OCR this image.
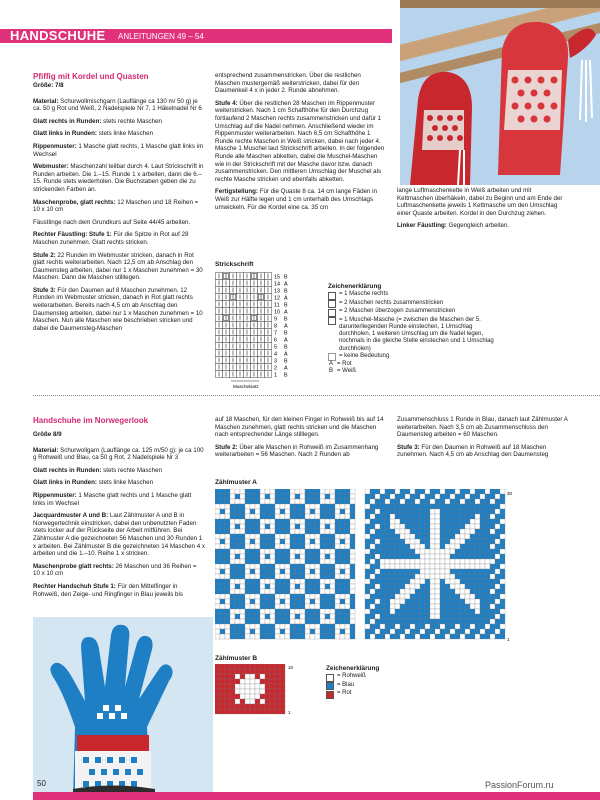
HANDSCHUHE ANLEITUNGEN 49 – 54

Pfiffig mit Kordel und Quasten

Größe: 7/8

Material: Schurwollmischgarn (Lauflänge ca 130 m/ 50 g) je ca. 50 g Rot und Weiß, 2 Nadelspiele Nr 7, 1 Häkelnadel Nr 6

Glatt rechts in Runden: stets rechte Maschen

Glatt links in Runden: stets linke Maschen

Rippenmuster: 1 Masche glatt rechts, 1 Masche glatt links im Wechsel

Webmuster: Maschenzahl teilbar durch 4. Laut Strickschrift in Runden arbeiten. Die 1.–15. Runde 1 x arbeiten, dann die 6.–15. Runde stets wiederholen. Die Buchstaben geben die zu strickenden Farben an.

Maschenprobe, glatt rechts: 12 Maschen und 18 Reihen = 10 x 10 cm

Fäustlinge nach dem Grundkurs auf Seite 44/45 arbeiten.

Rechter Fäustling: Stufe 1: Für die Spitze in Rot auf 28 Maschen zunehmen. Glatt rechts stricken.

Stufe 2: 22 Runden im Webmuster stricken, danach in Rot glatt rechts weiterarbeiten. Nach 12,5 cm ab Anschlag den Daumensteg arbeiten, dabei nur 1 x Maschen zunehmen = 30 Maschen. Dann die Maschen stilllegen.

Stufe 3: Für den Daumen auf 8 Maschen zunehmen. 12 Runden im Webmuster stricken, danach in Rot glatt rechts weiterarbeiten. Bereits nach 4,5 cm ab Anschlag den Daumensteg arbeiten, dabei nur 1 x Maschen zunehmen = 10 Maschen. Nun alle Maschen wie beschrieben stricken und dabei die Daumensteg-Maschen

entsprechend zusammenstricken. Über die restlichen Maschen mustergemäß weiterstricken, dabei für den Daumenkeil 4 x in jeder 2. Runde abnehmen.

Stufe 4: Über die restlichen 28 Maschen im Rippenmuster weiterstricken. Nach 1 cm Schafthöhe für den Durchzug fortlaufend 2 Maschen rechts zusammenstricken und dafür 1 Umschlag auf die Nadel nehmen. Anschließend wieder im Rippenmuster weiterarbeiten. Nach 6,5 cm Schafthöhe 1 Runde rechte Maschen in Weiß stricken, dabei nach jeder 4. Masche 1 Muschel laut Strickschrift arbeiten. In der folgenden Runde alle Maschen abketten, dabei die Muschel-Maschen wie in der Strickschrift mit der Masche davor bzw. danach zusammenstricken. Den mittleren Umschlag der Muschel als rechte Masche stricken und ebenfalls abketten.

Fertigstellung: Für die Quaste 8 ca. 14 cm lange Fäden in Weiß zur Hälfte legen und 1 cm unterhalb des Umschlags umwickeln. Für die Kordel eine ca. 35 cm

lange Luftmaschenkette in Weiß arbeiten und mit Kettmaschen überhäkeln, dabei zu Beginn und am Ende der Luftmaschenkette jeweils 1 Kettmasche um den Umschlag einer Quaste arbeiten. Kordel in den Durchzug ziehen.

Linker Fäustling: Gegengleich arbeiten.

Strickschrift
15 B
14 A
13 B
12 A
11 B
10 A
9 B
8 A
7 B
6 A
5 B
4 A
3 B
2 A
1 B
Muschelsatz
Zeichenerklärung
= 1 Masche rechts
= 2 Maschen rechts zusammenstricken
= 2 Maschen überzogen zusammenstricken
= 1 Muschel-Masche (= zwischen die Maschen der 5. darunterliegenden Runde einstechen, 1 Umschlag durchholen, 1 weiteren Umschlag um die Nadel legen, nochmals in die gleiche Stelle einstechen und 1 Umschlag durchholen)
= keine Bedeutung
A = Rot
B = Weiß

Handschuhe im Norwegerlook

Größe 8/9

Material: Schurwollgarn (Lauflänge ca. 125 m/50 g): je ca 100 g Rohweiß und Blau, ca 50 g Rot, 2 Nadelspiele Nr 3

Glatt rechts in Runden: stets rechte Maschen

Glatt links in Runden: stets linke Maschen

Rippenmuster: 1 Masche glatt rechts und 1 Masche glatt links im Wechsel

Jacquardmuster A und B: Laut Zählmuster A und B in Norwegertechnik einstricken, dabei den unbenutzten Faden stets locker auf der Rückseite der Arbeit mitführen. Bei Zählmuster A die gezeichneten 56 Maschen und 30 Runden 1 x arbeiten. Bei Zählmuster B die gezeichneten 14 Maschen 4 x arbeiten und die 1.–10. Reihe 1 x stricken.

Maschenprobe glatt rechts: 26 Maschen und 36 Reihen = 10 x 10 cm

Rechter Handschuh Stufe 1: Für den Mittelfinger in Rohweiß, den Zeige- und Ringfinger in Blau jeweils bis

auf 18 Maschen, für den kleinen Finger in Rohweiß bis auf 14 Maschen zunehmen, glatt rechts stricken und die Maschen nach entsprechender Länge stilllegen.

Stufe 2: Über alle Maschen in Rohweiß im Zusammenhang weiterarbeiten = 56 Maschen. Nach 2 Runden ab

Zusammenschluss 1 Runde in Blau, danach laut Zählmuster A weiterarbeiten. Nach 3,5 cm ab Zusammenschluss den Daumensteg arbeiten = 60 Maschen.

Stufe 3: Für den Daumen in Rohweiß auf 18 Maschen zunehmen. Nach 4,5 cm ab Anschlag den Daumensteg

Zählmuster A
30
1
Zählmuster B
10
1
Zeichenerklärung
= Rohweiß
= Blau
= Rot
50	PassionForum.ru
